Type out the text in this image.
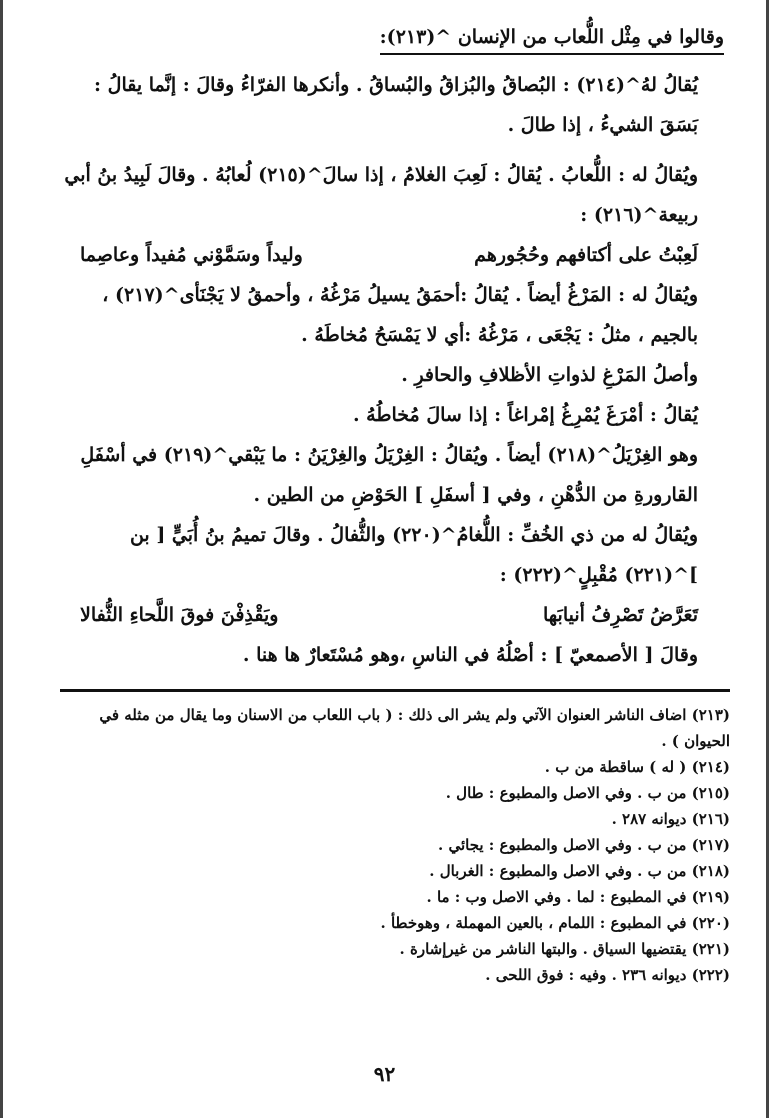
وقالوا في مِثْل اللُّعاب من الإنسان ^(٢١٣):

يُقالُ لهُ^(٢١٤) : البُصاقُ والبُزاقُ والبُساقُ . وأنكرها الفرّاءُ وقالَ : إنَّما يقالُ : بَسَقَ الشيءُ ، إذا طالَ .

ويُقالُ له : اللُّعابُ . يُقالُ : لَعِبَ الغلامُ ، إذا سالَ^(٢١٥) لُعابُهُ . وقالَ لَبِيدُ بنُ أبي ربيعة^(٢١٦) :

لَعِبْتُ على أكتافهم وحُجُورهم
وليداً وسَمَّوْني مُفيداً وعاصِما

ويُقالُ له : المَرْغُ أيضاً . يُقالُ :أحمَقُ يسيلُ مَرْغُهُ ، وأحمقُ لا يَجْنَأى^(٢١٧) ، بالجيم ، مثلُ : يَجْعَى ، مَرْغُهُ :أي لا يَمْسَحُ مُخاطَهُ .

وأصلُ المَرْغِ لذواتِ الأظلافِ والحافرِ .

يُقالُ : أمْرَغَ يُمْرِغُ إمْراغاً : إذا سالَ مُخاطُهُ .

وهو الغِرْيَلُ^(٢١٨) أيضاً . ويُقالُ : الغِرْيَلُ والغِرْيَنُ : ما يَبْقي^(٢١٩) في أسْفَلِ القارورةِ من الدُّهْنِ ، وفي [ أسفَلِ ] الحَوْضِ من الطين .

ويُقالُ له من ذي الخُفِّ : اللُّغامُ^(٢٢٠) والثُّفالُ . وقالَ تميمُ بنُ أُبَيٍّ [ بن ]^(٢٢١) مُقْبِلٍ^(٢٢٢) :

تَعَرَّضُ تَصْرِفُ أنيابَها
ويَقْذِفْنَ فوقَ اللَّحاءِ الثُّفالا

وقالَ [ الأصمعيّ ] : أصْلُهُ في الناسِ ،وهو مُسْتَعارٌ ها هنا .

(٢١٣) اضاف الناشر العنوان الآتي ولم يشر الى ذلك : ( باب اللعاب من الاسنان وما يقال من مثله في الحيوان ) .

(٢١٤) ( له ) ساقطة من ب .

(٢١٥) من ب . وفي الاصل والمطبوع : طال .

(٢١٦) ديوانه ٢٨٧ .

(٢١٧) من ب . وفي الاصل والمطبوع : يجائي .

(٢١٨) من ب . وفي الاصل والمطبوع : الغربال .

(٢١٩) في المطبوع : لما . وفي الاصل وب : ما .

(٢٢٠) في المطبوع : اللمام ، بالعين المهملة ، وهوخطأ .

(٢٢١) يقتضيها السياق . والبتها الناشر من غيرإشارة .

(٢٢٢) ديوانه ٢٣٦ . وفيه : فوق اللحى .

٩٢
